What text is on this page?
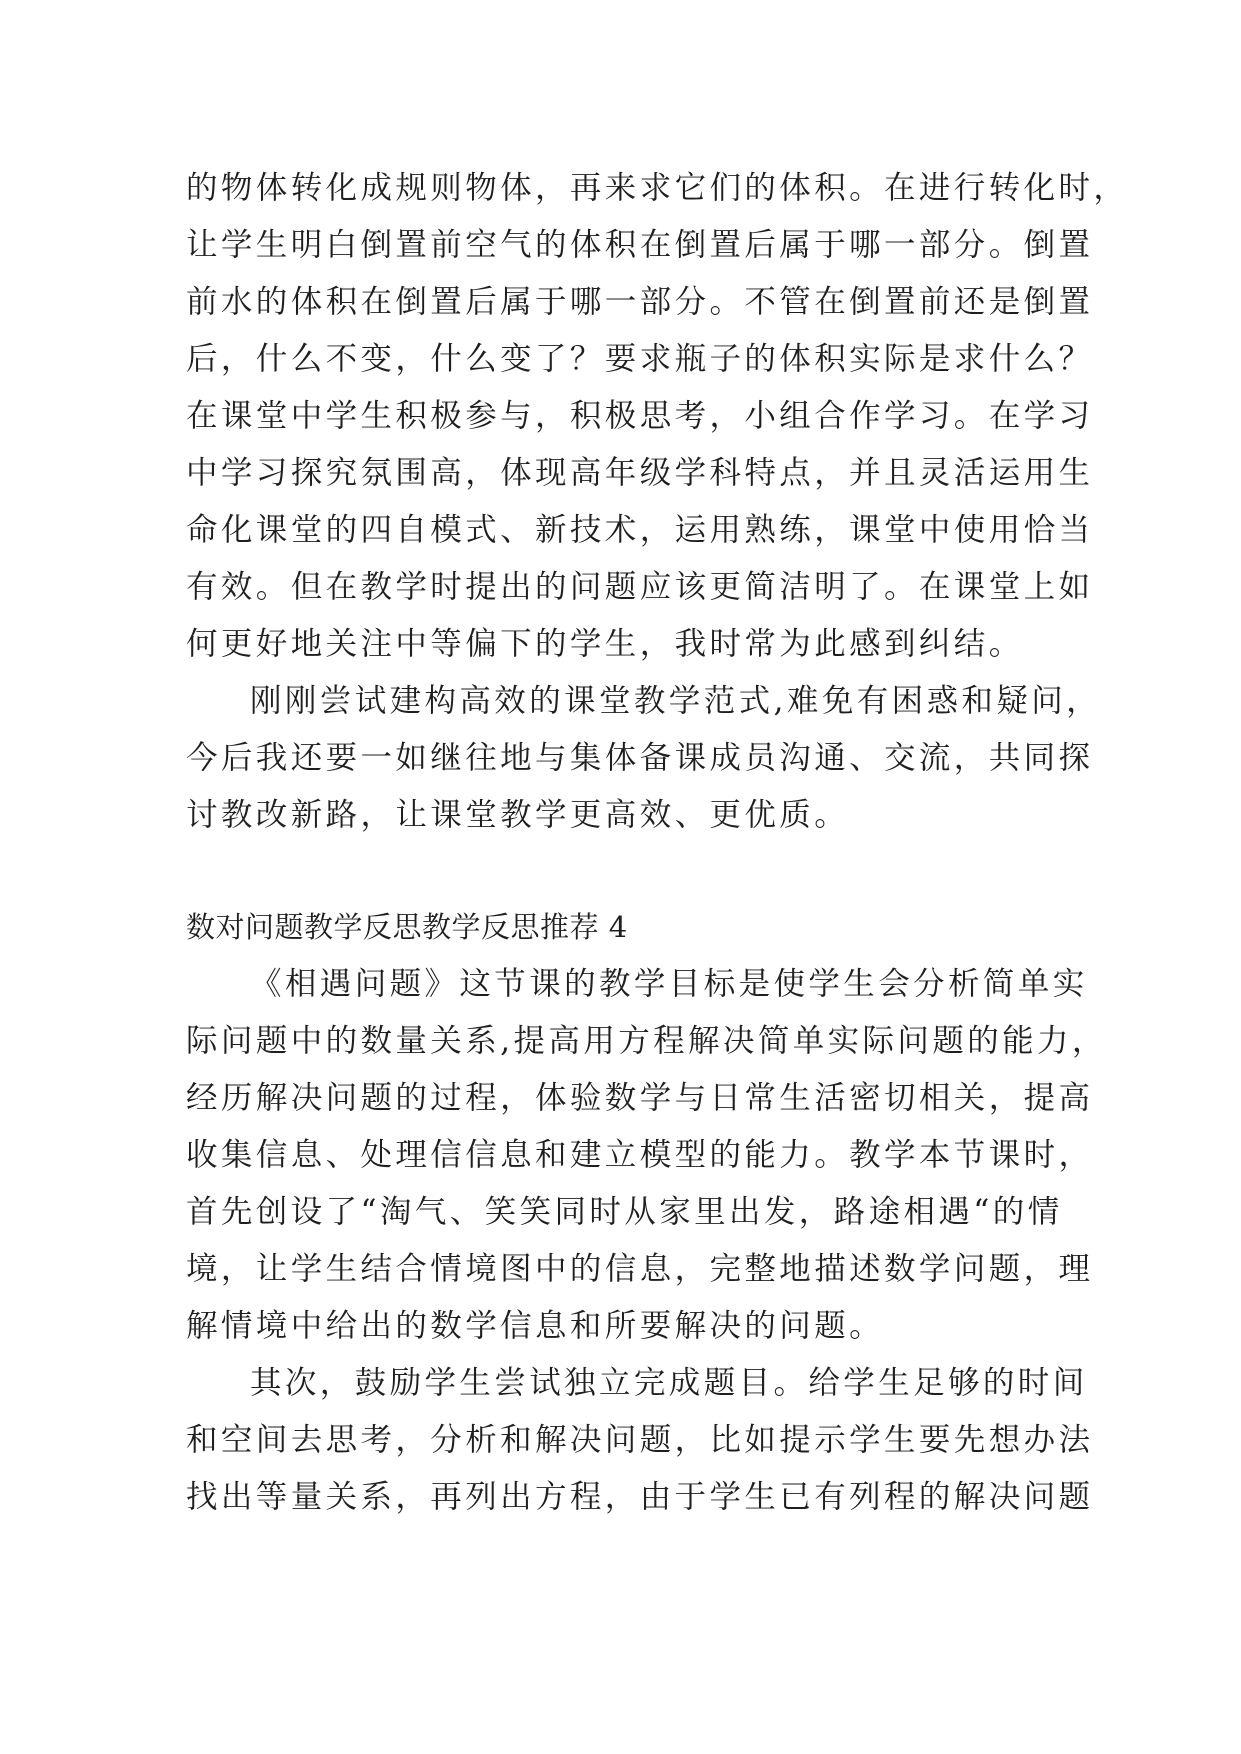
的物体转化成规则物体，再来求它们的体积。在进行转化时，
让学生明白倒置前空气的体积在倒置后属于哪一部分。倒置
前水的体积在倒置后属于哪一部分。不管在倒置前还是倒置
后，什么不变，什么变了？要求瓶子的体积实际是求什么？
在课堂中学生积极参与，积极思考，小组合作学习。在学习
中学习探究氛围高，体现高年级学科特点，并且灵活运用生
命化课堂的四自模式、新技术，运用熟练，课堂中使用恰当
有效。但在教学时提出的问题应该更简洁明了。在课堂上如
何更好地关注中等偏下的学生，我时常为此感到纠结。
刚刚尝试建构高效的课堂教学范式,难免有困惑和疑问，
今后我还要一如继往地与集体备课成员沟通、交流，共同探
讨教改新路，让课堂教学更高效、更优质。
数对问题教学反思教学反思推荐 4
《相遇问题》这节课的教学目标是使学生会分析简单实
际问题中的数量关系,提高用方程解决简单实际问题的能力，
经历解决问题的过程，体验数学与日常生活密切相关，提高
收集信息、处理信信息和建立模型的能力。教学本节课时，
首先创设了“淘气、笑笑同时从家里出发，路途相遇“的情
境，让学生结合情境图中的信息，完整地描述数学问题，理
解情境中给出的数学信息和所要解决的问题。
其次，鼓励学生尝试独立完成题目。给学生足够的时间
和空间去思考，分析和解决问题，比如提示学生要先想办法
找出等量关系，再列出方程，由于学生已有列程的解决问题
